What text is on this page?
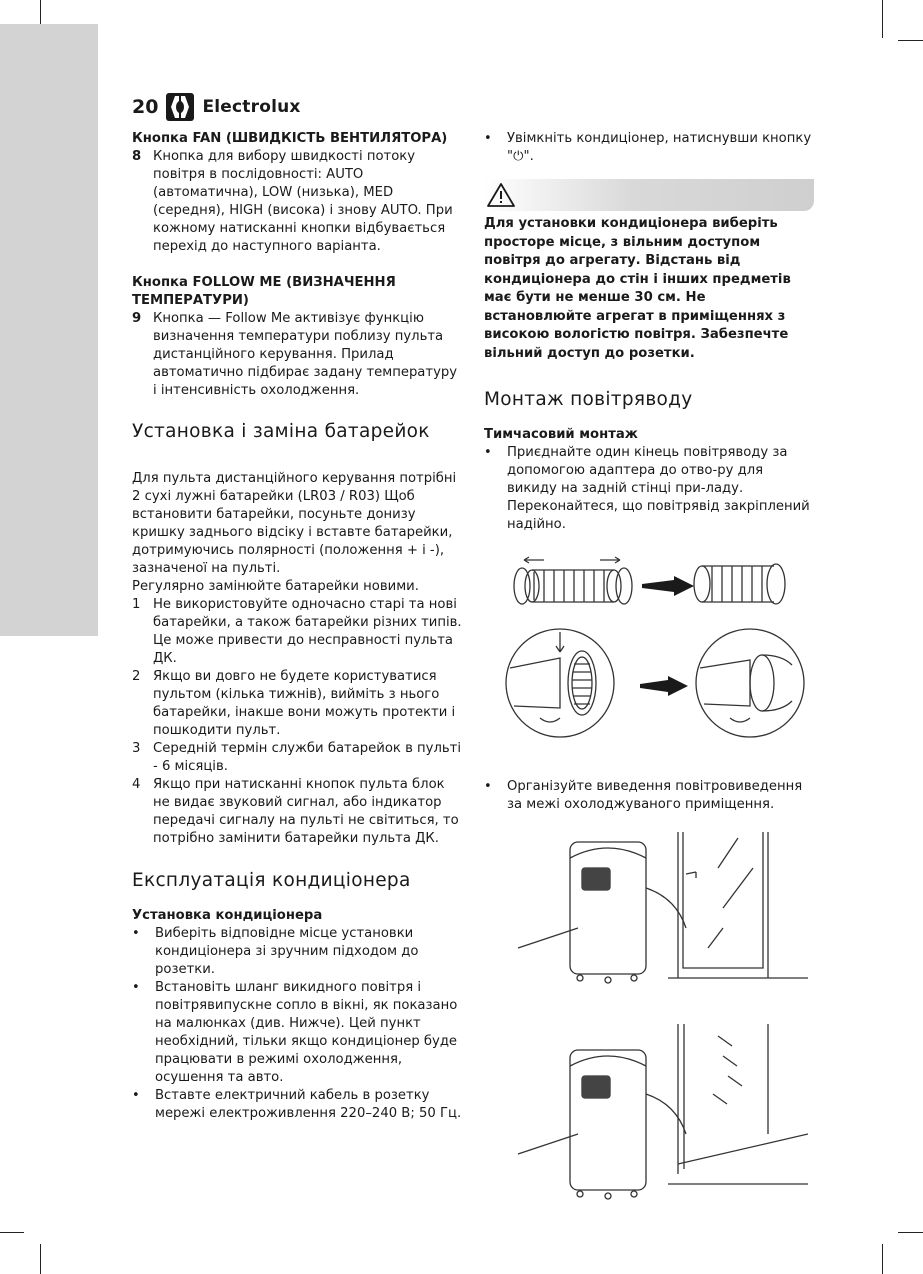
20	Electrolux
Кнопка FAN (ШВИДКІСТЬ ВЕНТИЛЯТОРА)
8 Кнопка для вибору швидкості потоку повітря в послідовності: AUTO (автоматична), LOW (низька), MED (середня), HIGH (висока) і знову AUTO. При кожному натисканні кнопки відбувається перехід до наступного варіанта.
Кнопка FOLLOW ME (ВИЗНАЧЕННЯ ТЕМПЕРАТУРИ)
9 Кнопка — Follow Me активізує функцію визначення температури поблизу пульта дистанційного керування. Прилад автоматично підбирає задану температуру і інтенсивність охолодження.
Установка і заміна батарейок
Для пульта дистанційного керування потрібні 2 сухі лужні батарейки (LR03 / R03) Щоб встановити батарейки, посуньте донизу кришку заднього відсіку і вставте батарейки, дотримуючись полярності (положення + і -), зазначеної на пульті.
Регулярно замінюйте батарейки новими.
1 Не використовуйте одночасно старі та нові батарейки, а також батарейки різних типів. Це може привести до несправності пульта ДК.
2 Якщо ви довго не будете користуватися пультом (кілька тижнів), вийміть з нього батарейки, інакше вони можуть протекти і пошкодити пульт.
3 Середній термін служби батарейок в пульті - 6 місяців.
4 Якщо при натисканні кнопок пульта блок не видає звуковий сигнал, або індикатор передачі сигналу на пульті не світиться, то потрібно замінити батарейки пульта ДК.
Експлуатація кондиціонера
Установка кондиціонера
•	Виберіть відповідне місце установки кондиціонера зі зручним підходом до розетки.
•	Встановіть шланг викидного повітря і повітрявипускне сопло в вікні, як показано на малюнках (див. Нижче). Цей пункт необхідний, тільки якщо кондиціонер буде працювати в режимі охолодження, осушення та авто.
•	Вставте електричний кабель в розетку мережі електроживлення 220–240 В; 50 Гц.
•	Увімкніть кондиціонер, натиснувши кнопку "⏻".
Для установки кондиціонера виберіть просторе місце, з вільним доступом повітря до агрегату. Відстань від кондиціонера до стін і інших предметів має бути не менше 30 см. Не встановлюйте агрегат в приміщеннях з високою вологістю повітря. Забезпечте вільний доступ до розетки.
Монтаж повітряводу
Тимчасовий монтаж
•	Приєднайте один кінець повітряводу за допомогою адаптера до отво-ру для викиду на задній стінці при-ладу. Переконайтеся, що повітрявід закріплений надійно.
•	Організуйте виведення повітровиведення за межі охолоджуваного приміщення.
